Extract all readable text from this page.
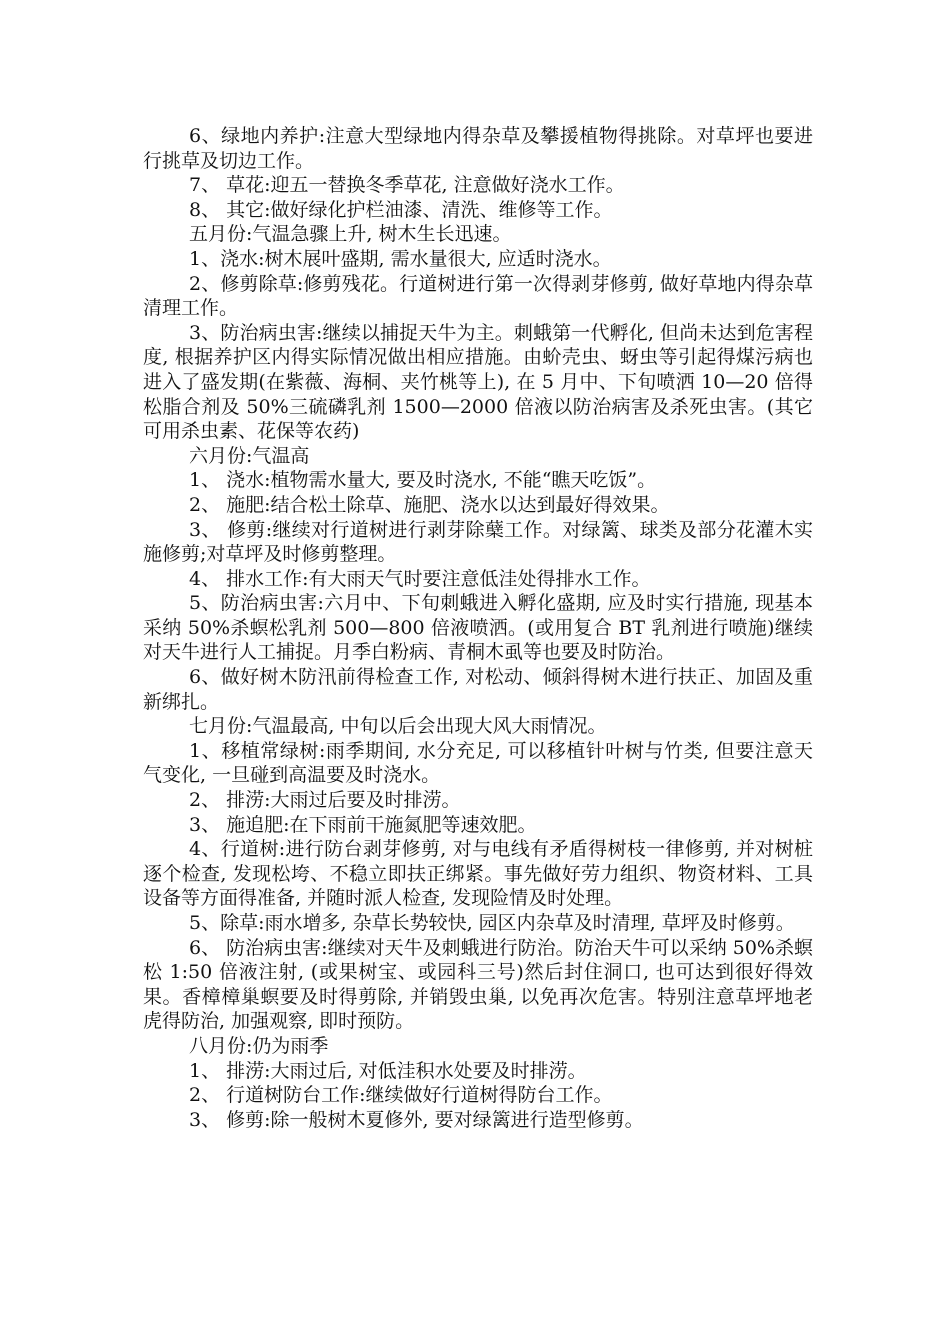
6、绿地内养护:注意大型绿地内得杂草及攀援植物得挑除。对草坪也要进行挑草及切边工作。

7、 草花:迎五一替换冬季草花, 注意做好浇水工作。

8、 其它:做好绿化护栏油漆、清洗、维修等工作。

五月份:气温急骤上升, 树木生长迅速。

1、浇水:树木展叶盛期, 需水量很大, 应适时浇水。

2、修剪除草:修剪残花。行道树进行第一次得剥芽修剪, 做好草地内得杂草清理工作。

3、防治病虫害:继续以捕捉天牛为主。刺蛾第一代孵化, 但尚未达到危害程度, 根据养护区内得实际情况做出相应措施。由蚧壳虫、蚜虫等引起得煤污病也进入了盛发期(在紫薇、海桐、夹竹桃等上), 在 5 月中、下旬喷洒 10—20 倍得松脂合剂及 50%三硫磷乳剂 1500—2000 倍液以防治病害及杀死虫害。(其它可用杀虫素、花保等农药)

六月份:气温高

1、 浇水:植物需水量大, 要及时浇水, 不能“瞧天吃饭”。

2、 施肥:结合松土除草、施肥、浇水以达到最好得效果。

3、 修剪:继续对行道树进行剥芽除蘖工作。对绿篱、球类及部分花灌木实施修剪;对草坪及时修剪整理。

4、 排水工作:有大雨天气时要注意低洼处得排水工作。

5、防治病虫害:六月中、下旬刺蛾进入孵化盛期, 应及时实行措施, 现基本采纳 50%杀螟松乳剂 500—800 倍液喷洒。(或用复合 BT 乳剂进行喷施)继续对天牛进行人工捕捉。月季白粉病、青桐木虱等也要及时防治。

6、做好树木防汛前得检查工作, 对松动、倾斜得树木进行扶正、加固及重新绑扎。

七月份:气温最高, 中旬以后会出现大风大雨情况。

1、移植常绿树:雨季期间, 水分充足, 可以移植针叶树与竹类, 但要注意天气变化, 一旦碰到高温要及时浇水。

2、 排涝:大雨过后要及时排涝。

3、 施追肥:在下雨前干施氮肥等速效肥。

4、行道树:进行防台剥芽修剪, 对与电线有矛盾得树枝一律修剪, 并对树桩逐个检查, 发现松垮、不稳立即扶正绑紧。事先做好劳力组织、物资材料、工具设备等方面得准备, 并随时派人检查, 发现险情及时处理。

5、除草:雨水增多, 杂草长势较快, 园区内杂草及时清理, 草坪及时修剪。

6、 防治病虫害:继续对天牛及刺蛾进行防治。防治天牛可以采纳 50%杀螟松 1:50 倍液注射, (或果树宝、或园科三号)然后封住洞口, 也可达到很好得效果。香樟樟巢螟要及时得剪除, 并销毁虫巢, 以免再次危害。特别注意草坪地老虎得防治, 加强观察, 即时预防。

八月份:仍为雨季

1、 排涝:大雨过后, 对低洼积水处要及时排涝。

2、 行道树防台工作:继续做好行道树得防台工作。

3、 修剪:除一般树木夏修外, 要对绿篱进行造型修剪。
